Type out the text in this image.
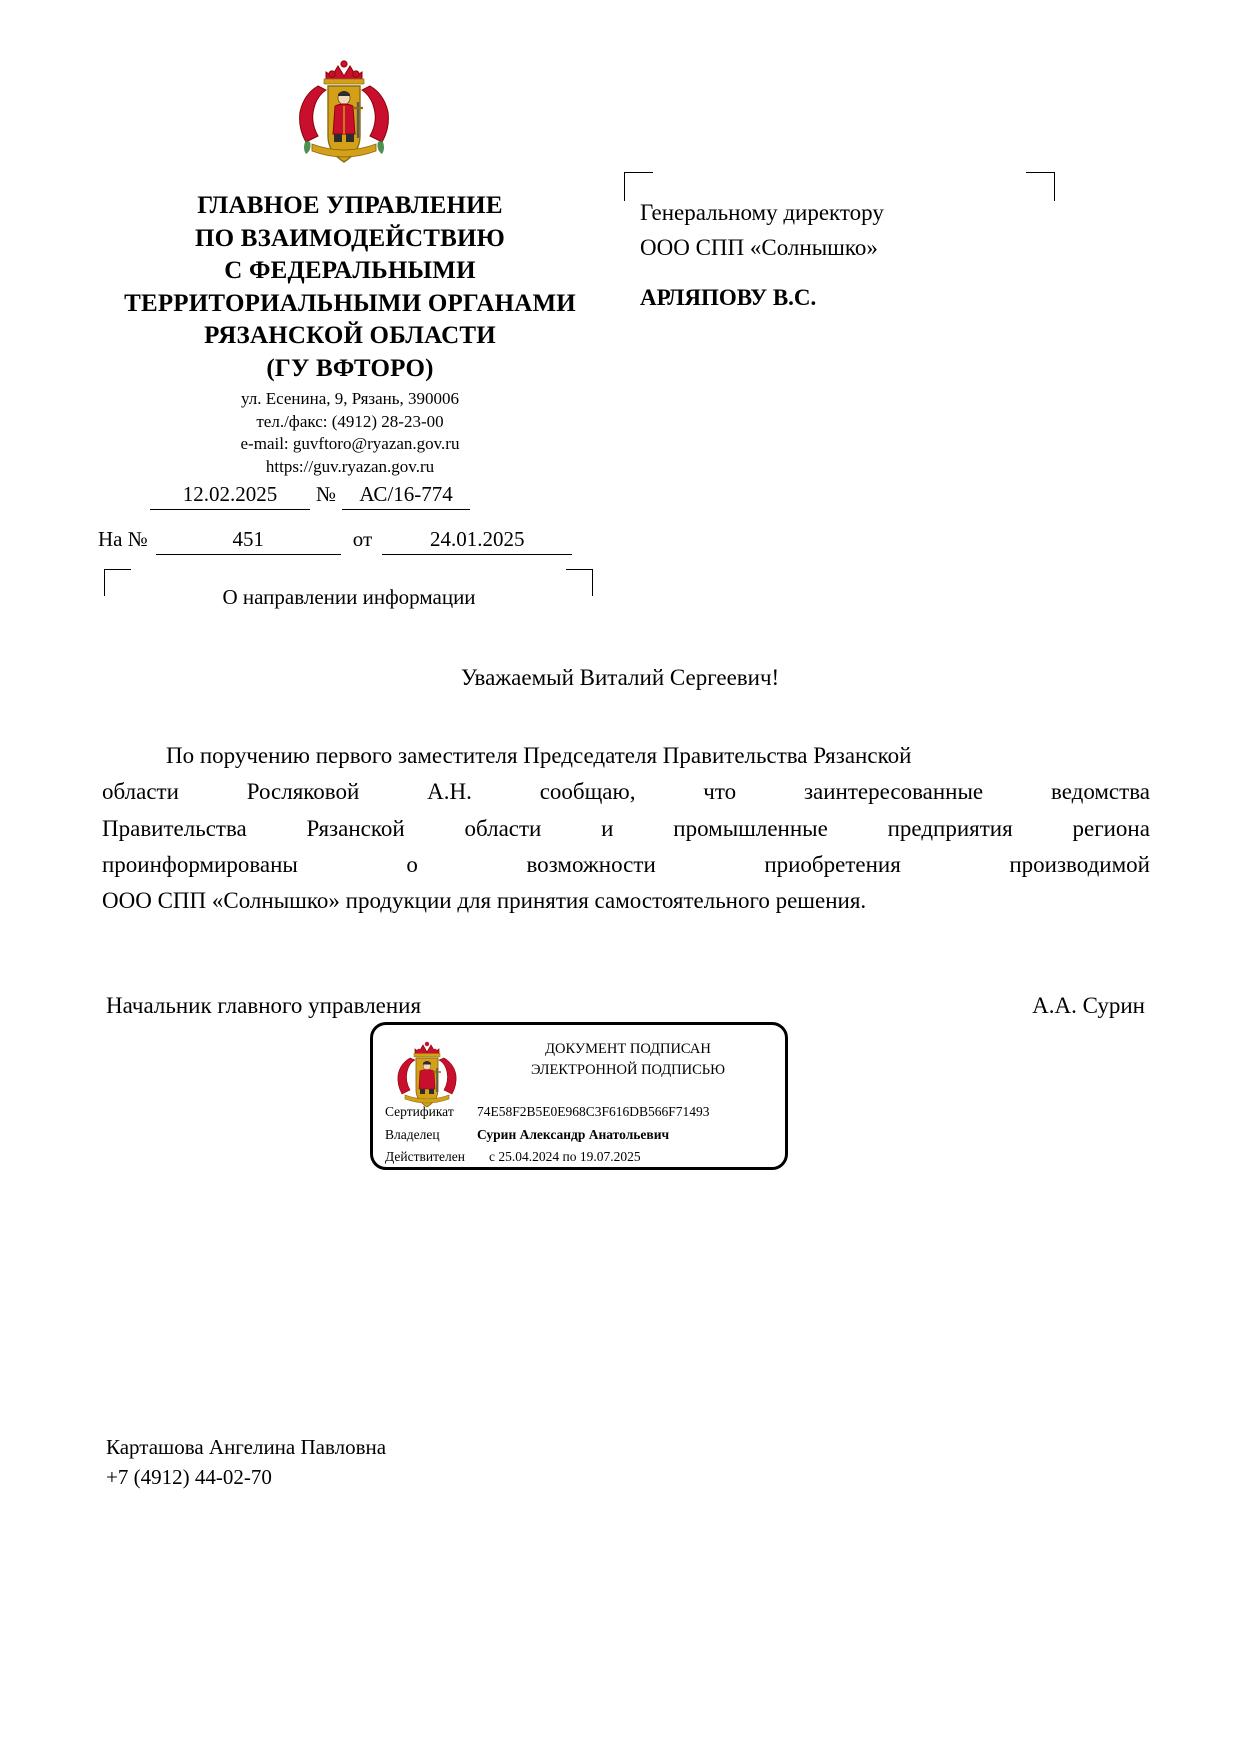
ГЛАВНОЕ УПРАВЛЕНИЕ
ПО ВЗАИМОДЕЙСТВИЮ
С ФЕДЕРАЛЬНЫМИ
ТЕРРИТОРИАЛЬНЫМИ ОРГАНАМИ
РЯЗАНСКОЙ ОБЛАСТИ
(ГУ ВФТОРО)
ул. Есенина, 9, Рязань, 390006
тел./факс: (4912) 28-23-00
e-mail: guvftoro@ryazan.gov.ru
https://guv.ryazan.gov.ru
12.02.2025	№	АС/16-774
На №	451	от	24.01.2025
О направлении информации
Генеральному директору
ООО СПП «Солнышко»
АРЛЯПОВУ В.С.
Уважаемый Виталий Сергеевич!
По поручению первого заместителя Председателя Правительства Рязанской
области	Росляковой	А.Н.	сообщаю,	что	заинтересованные	ведомства
Правительства	Рязанской	области	и	промышленные	предприятия	региона
проинформированы	о	возможности	приобретения	производимой
ООО СПП «Солнышко» продукции для принятия самостоятельного решения.
Начальник главного управления	А.А. Сурин
ДОКУМЕНТ ПОДПИСАН
ЭЛЕКТРОННОЙ ПОДПИСЬЮ
Сертификат	74E58F2B5E0E968C3F616DB566F71493
Владелец	Сурин Александр Анатольевич
Действителен	с 25.04.2024 по 19.07.2025
Карташова Ангелина Павловна
+7 (4912) 44-02-70
